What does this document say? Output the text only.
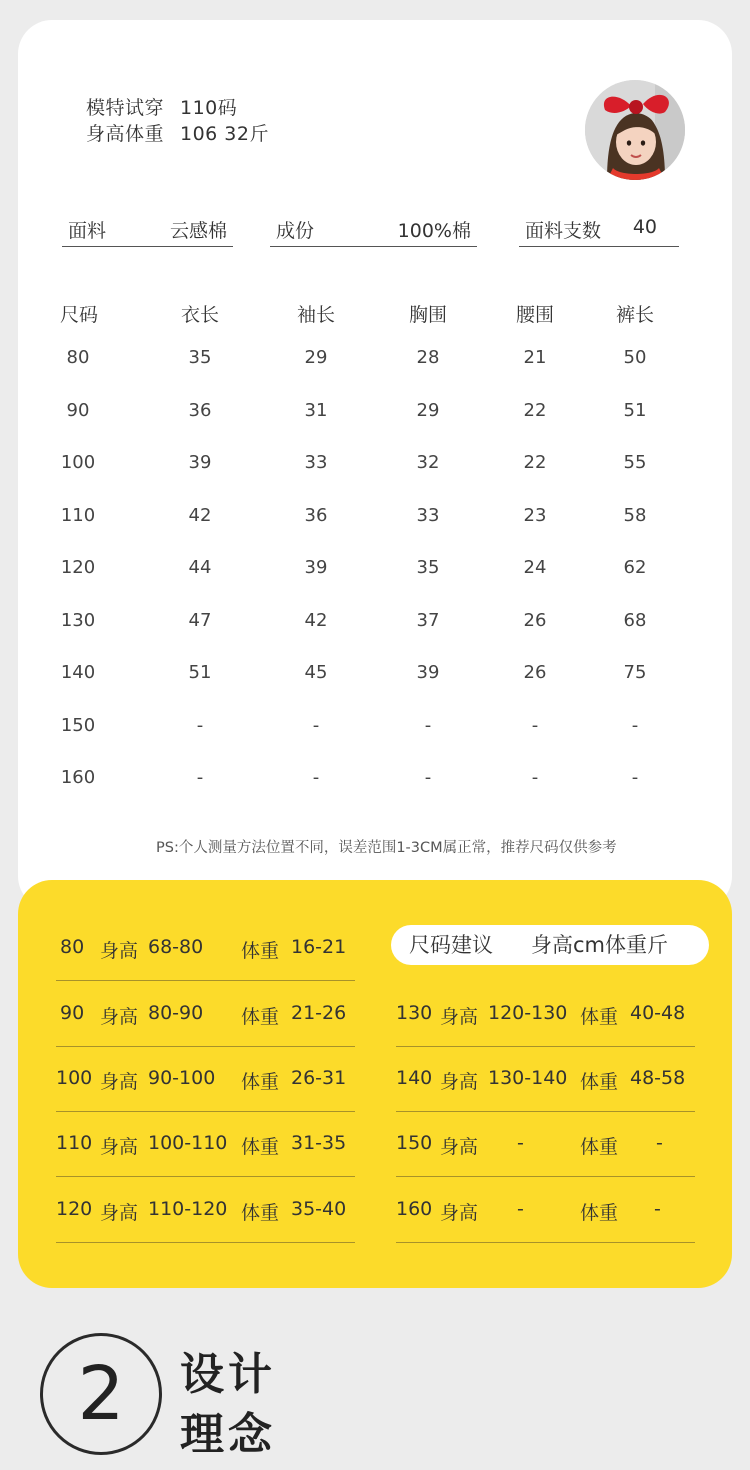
模特试穿 110码
身高体重 106 32斤
面料	云感棉	成份	100%棉	面料支数 40
尺码	衣长	袖长	胸围	腰围	裤长
80	35	29	28	21	50
90	36	31	29	22	51
100	39	33	32	22	55
110	42	36	33	23	58
120	44	39	35	24	62
130	47	42	37	26	68
140	51	45	39	26	75
150	-	-	-	-	-
160	-	-	-	-	-
PS:个人测量方法位置不同，误差范围1-3CM属正常，推荐尺码仅供参考
尺码建议 身高cm体重斤
80 身高 68-80 体重 16-21
90 身高 80-90 体重 21-26
100 身高 90-100 体重 26-31
110 身高 100-110 体重 31-35
120 身高 110-120 体重 35-40
130 身高 120-130 体重 40-48
140 身高 130-140 体重 48-58
150 身高 -	体重 -
160 身高 -	体重 -
2	设计
理念
